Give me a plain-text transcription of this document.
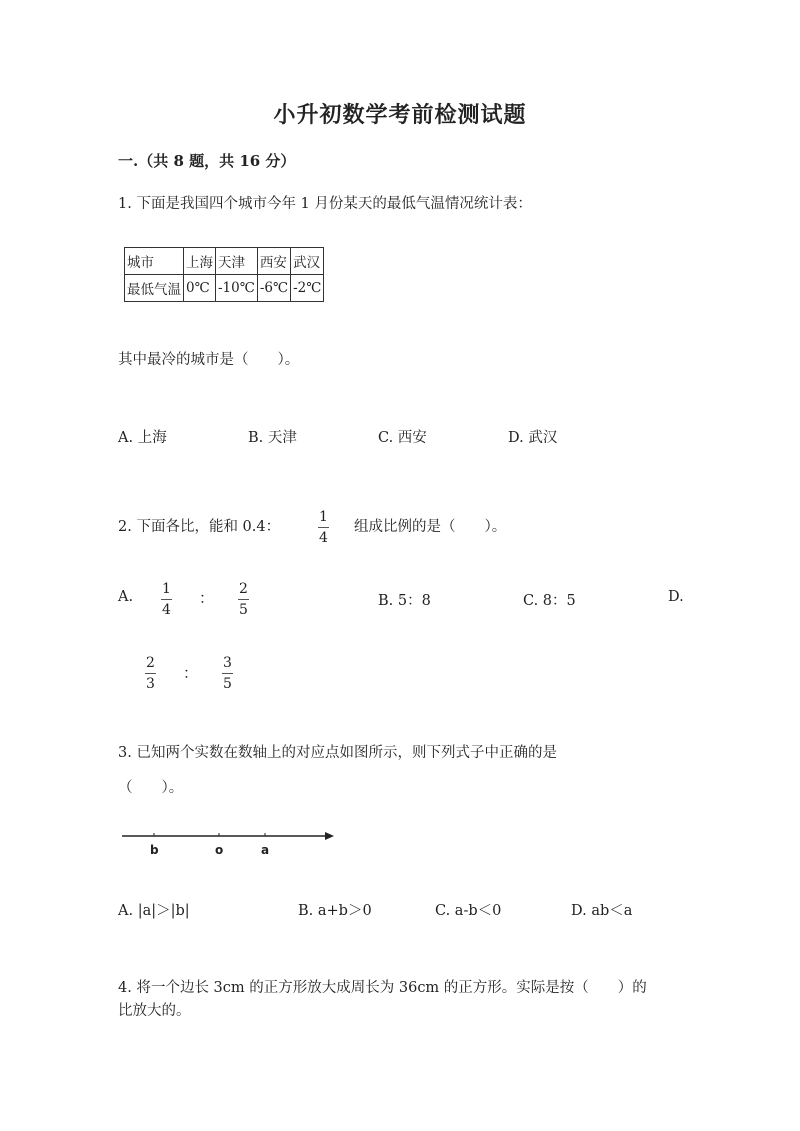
小升初数学考前检测试题
一.（共 8 题，共 16 分）
1. 下面是我国四个城市今年 1 月份某天的最低气温情况统计表：
城市	上海	天津	西安	武汉
最低气温	0℃	-10℃	-6℃	-2℃
其中最冷的城市是（　　）。
A. 上海	B. 天津	C. 西安	D. 武汉
2. 下面各比，能和 0.4：
1
4
组成比例的是（　　）。
A. 1
4
： 2
5
B. 5：8	C. 8：5	D.
2
3
：
3
5
3. 已知两个实数在数轴上的对应点如图所示，则下列式子中正确的是
（　　）。
b	o	a
A. |a|＞|b|	B. a+b＞0	C. a-b＜0	D. ab＜a
4. 将一个边长 3cm 的正方形放大成周长为 36cm 的正方形。实际是按（　　）的
比放大的。
